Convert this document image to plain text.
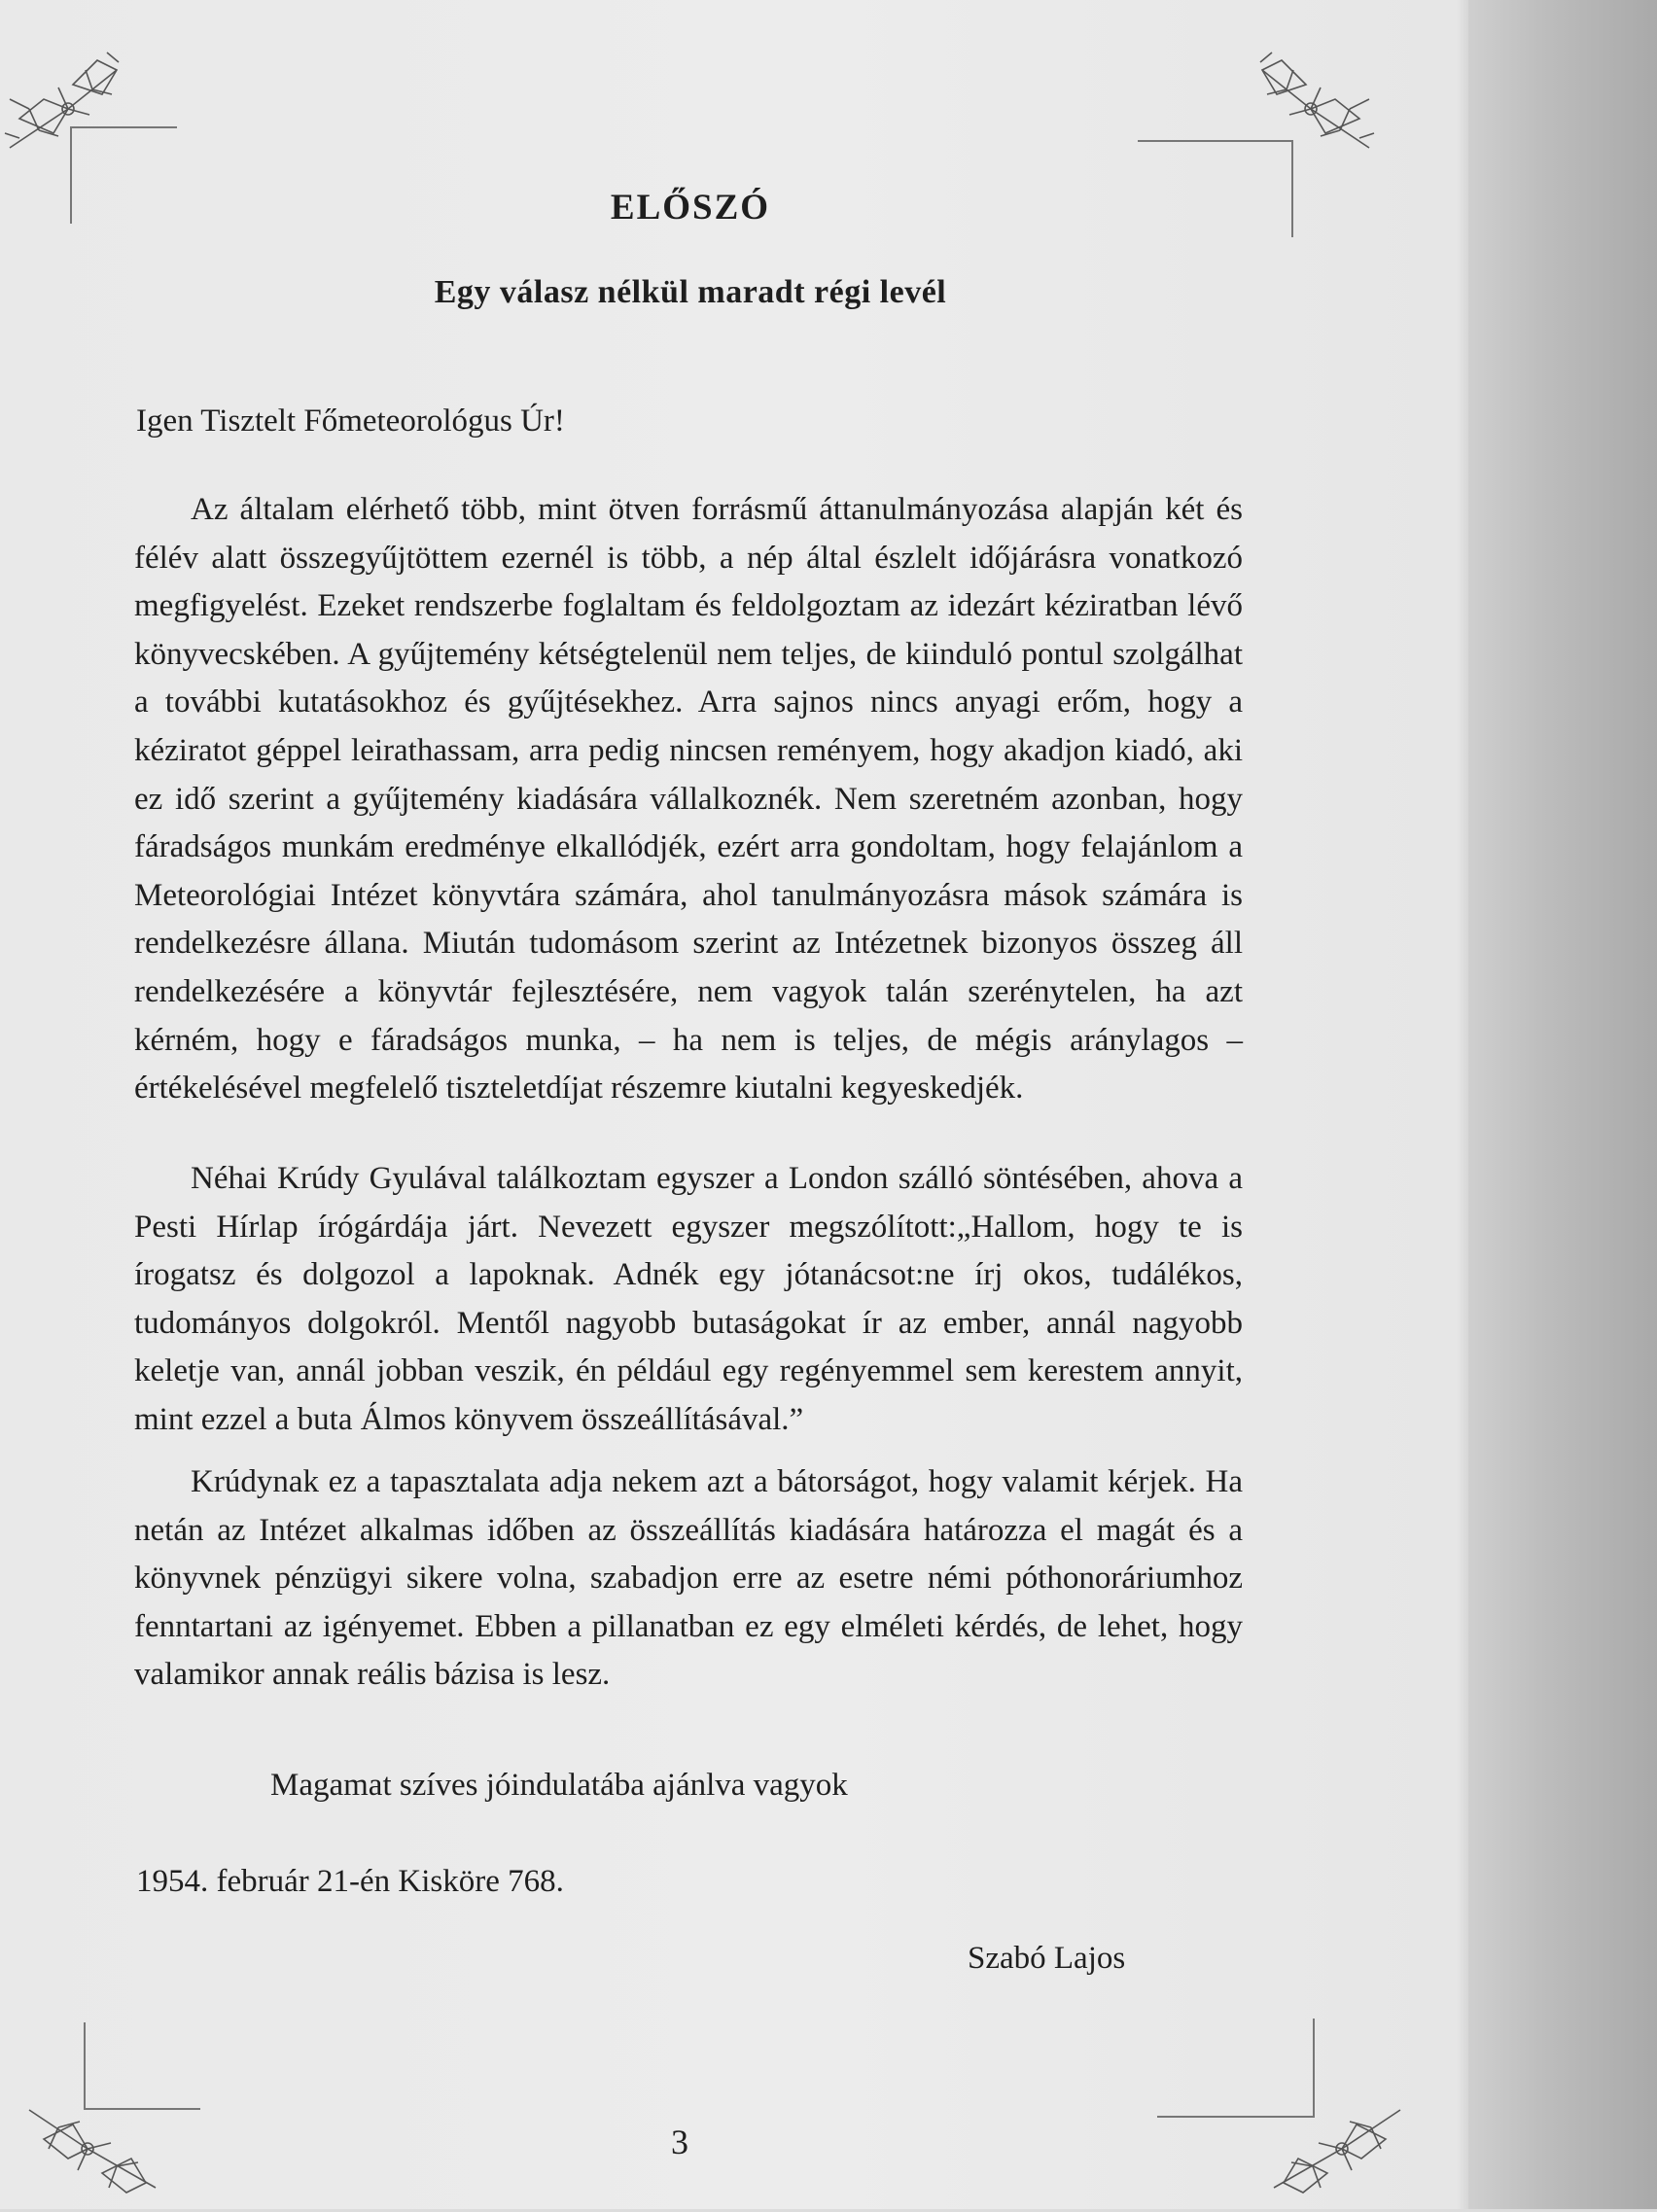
ELŐSZÓ
Egy válasz nélkül maradt régi levél
Igen Tisztelt Főmeteorológus Úr!

Az általam elérhető több, mint ötven forrásmű áttanulmányozása alapján két és félév alatt összegyűjtöttem ezernél is több, a nép által észlelt időjárásra vonatkozó megfigyelést. Ezeket rendszerbe foglaltam és feldolgoztam az idezárt kéziratban lévő könyvecskében. A gyűjtemény kétségtelenül nem teljes, de kiinduló pontul szolgálhat a további kutatásokhoz és gyűjtésekhez. Arra sajnos nincs anyagi erőm, hogy a kéziratot géppel leirathassam, arra pedig nincsen reményem, hogy akadjon kiadó, aki ez idő szerint a gyűjtemény kiadására vállalkoznék. Nem szeretném azonban, hogy fáradságos munkám eredménye elkallódjék, ezért arra gondoltam, hogy felajánlom a Meteorológiai Intézet könyvtára számára, ahol tanulmányozásra mások számára is rendelkezésre állana. Miután tudomásom szerint az Intézetnek bizonyos összeg áll rendelkezésére a könyvtár fejlesztésére, nem vagyok talán szerénytelen, ha azt kérném, hogy e fáradságos munka, – ha nem is teljes, de mégis aránylagos – értékelésével megfelelő tiszteletdíjat részemre kiutalni kegyeskedjék.

Néhai Krúdy Gyulával találkoztam egyszer a London szálló söntésében, ahova a Pesti Hírlap írógárdája járt. Nevezett egyszer megszólított:„Hallom, hogy te is írogatsz és dolgozol a lapoknak. Adnék egy jótanácsot:ne írj okos, tudálékos, tudományos dolgokról. Mentől nagyobb butaságokat ír az ember, annál nagyobb keletje van, annál jobban veszik, én például egy regényemmel sem kerestem annyit, mint ezzel a buta Álmos könyvem összeállításával.”

Krúdynak ez a tapasztalata adja nekem azt a bátorságot, hogy valamit kérjek. Ha netán az Intézet alkalmas időben az összeállítás kiadására határozza el magát és a könyvnek pénzügyi sikere volna, szabadjon erre az esetre némi póthonoráriumhoz fenntartani az igényemet. Ebben a pillanatban ez egy elméleti kérdés, de lehet, hogy valamikor annak reális bázisa is lesz.

Magamat szíves jóindulatába ajánlva vagyok
1954. február 21-én Kisköre 768.
Szabó Lajos
3
